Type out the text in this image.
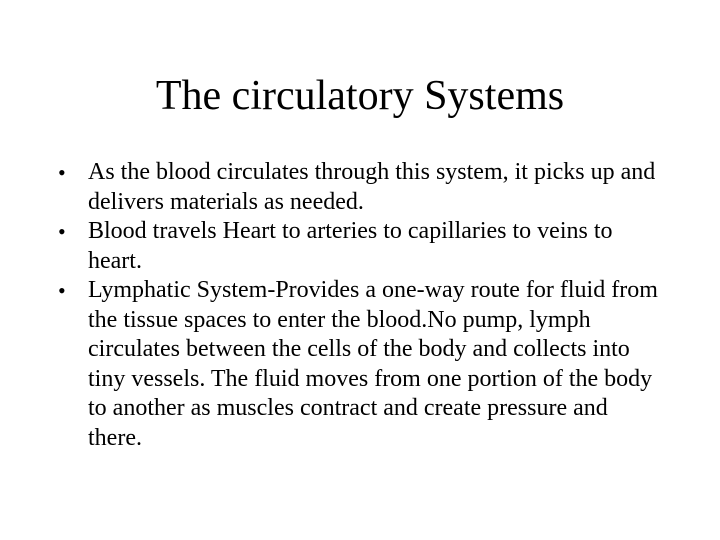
The circulatory Systems
• As the blood circulates through this system, it picks up and delivers materials as needed.
• Blood travels Heart to arteries to capillaries to veins to heart.
• Lymphatic System-Provides a one-way route for fluid from the tissue spaces to enter the blood.No pump, lymph circulates between the cells of the body and collects into tiny vessels. The fluid moves from one portion of the body to another as muscles contract and create pressure and there.
